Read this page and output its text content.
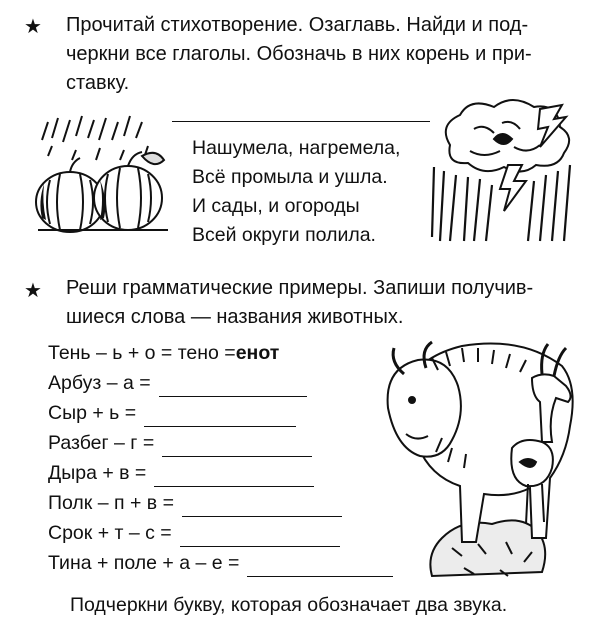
★ Прочитай стихотворение. Озаглавь. Найди и под-
черкни все глаголы. Обозначь в них корень и при-
ставку.
Нашумела, нагремела,
Всё промыла и ушла.
И сады, и огороды
Всей округи полила.
★ Реши грамматические примеры. Запиши получив-
шиеся слова — названия животных.
Тень – ь + о = тено = енот
Арбуз – а =
Сыр + ь =
Разбег – г =
Дыра + в =
Полк – п + в =
Срок + т – с =
Тина + поле + а – е =
Подчеркни букву, которая обозначает два звука.
